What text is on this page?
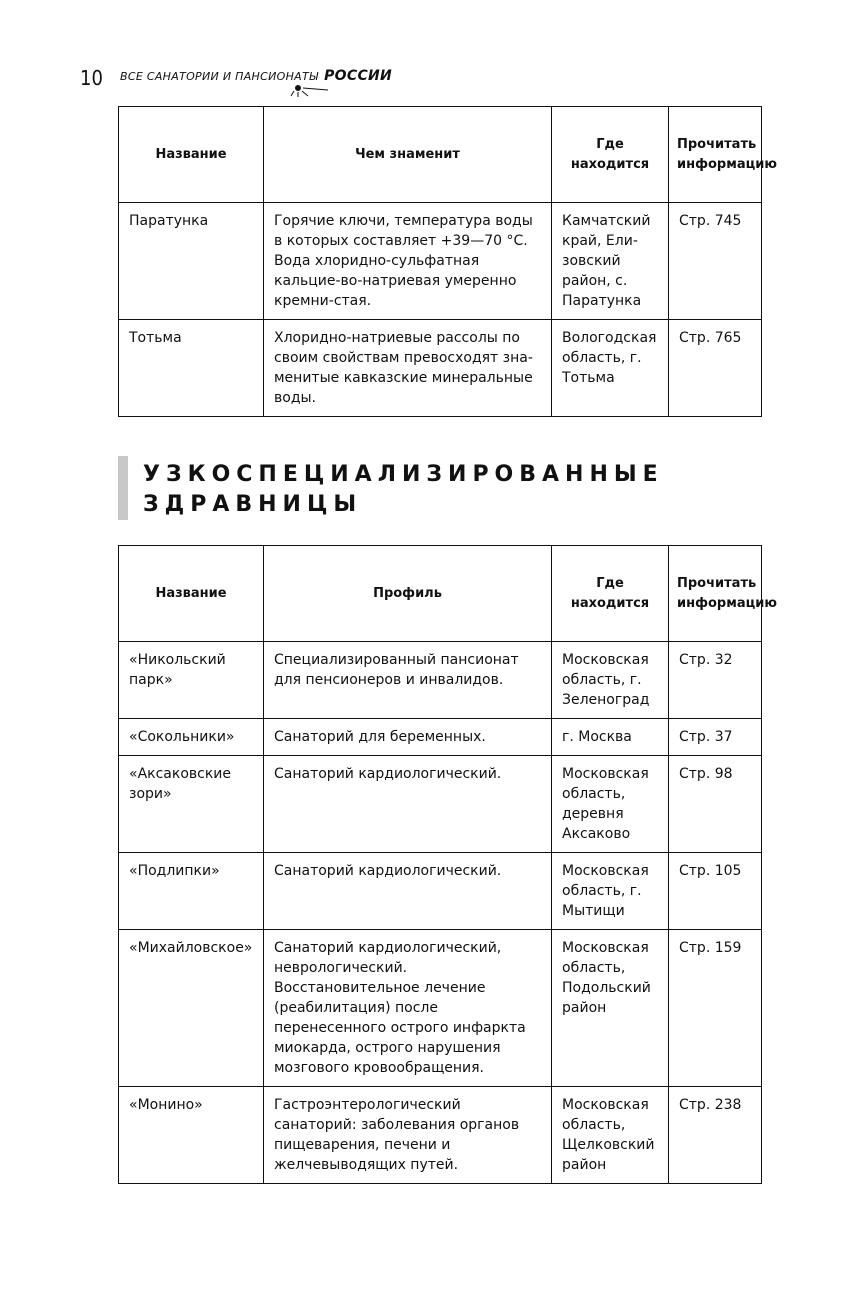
10 ВСЕ САНАТОРИИ И ПАНСИОНАТЫ РОССИИ
Название	Чем знаменит	Где находится	Прочитать информацию
Паратунка	Горячие ключи, температура воды в которых составляет +39—70 °С. Вода хлоридно-сульфатная кальцие-во-натриевая умеренно кремни-стая.	Камчатский край, Ели-зовский район, с. Паратунка	Стр. 745
Тотьма	Хлоридно-натриевые рассолы по своим свойствам превосходят зна-менитые кавказские минеральные воды.	Вологодская область, г. Тотьма	Стр. 765
УЗКОСПЕЦИАЛИЗИРОВАННЫЕ
ЗДРАВНИЦЫ
Название	Профиль	Где находится	Прочитать информацию
«Никольский парк»	Специализированный пансионат для пенсионеров и инвалидов.	Московская область, г. Зеленоград	Стр. 32
«Сокольники»	Санаторий для беременных.	г. Москва	Стр. 37
«Аксаковские зори»	Санаторий кардиологический.	Московская область, деревня Аксаково	Стр. 98
«Подлипки»	Санаторий кардиологический.	Московская область, г. Мытищи	Стр. 105
«Михайловское»	Санаторий кардиологический, неврологический. Восстановительное лечение (реабилитация) после перенесенного острого инфаркта миокарда, острого нарушения мозгового кровообращения.	Московская область, Подольский район	Стр. 159
«Монино»	Гастроэнтерологический санаторий: заболевания органов пищеварения, печени и желчевыводящих путей.	Московская область, Щелковский район	Стр. 238
